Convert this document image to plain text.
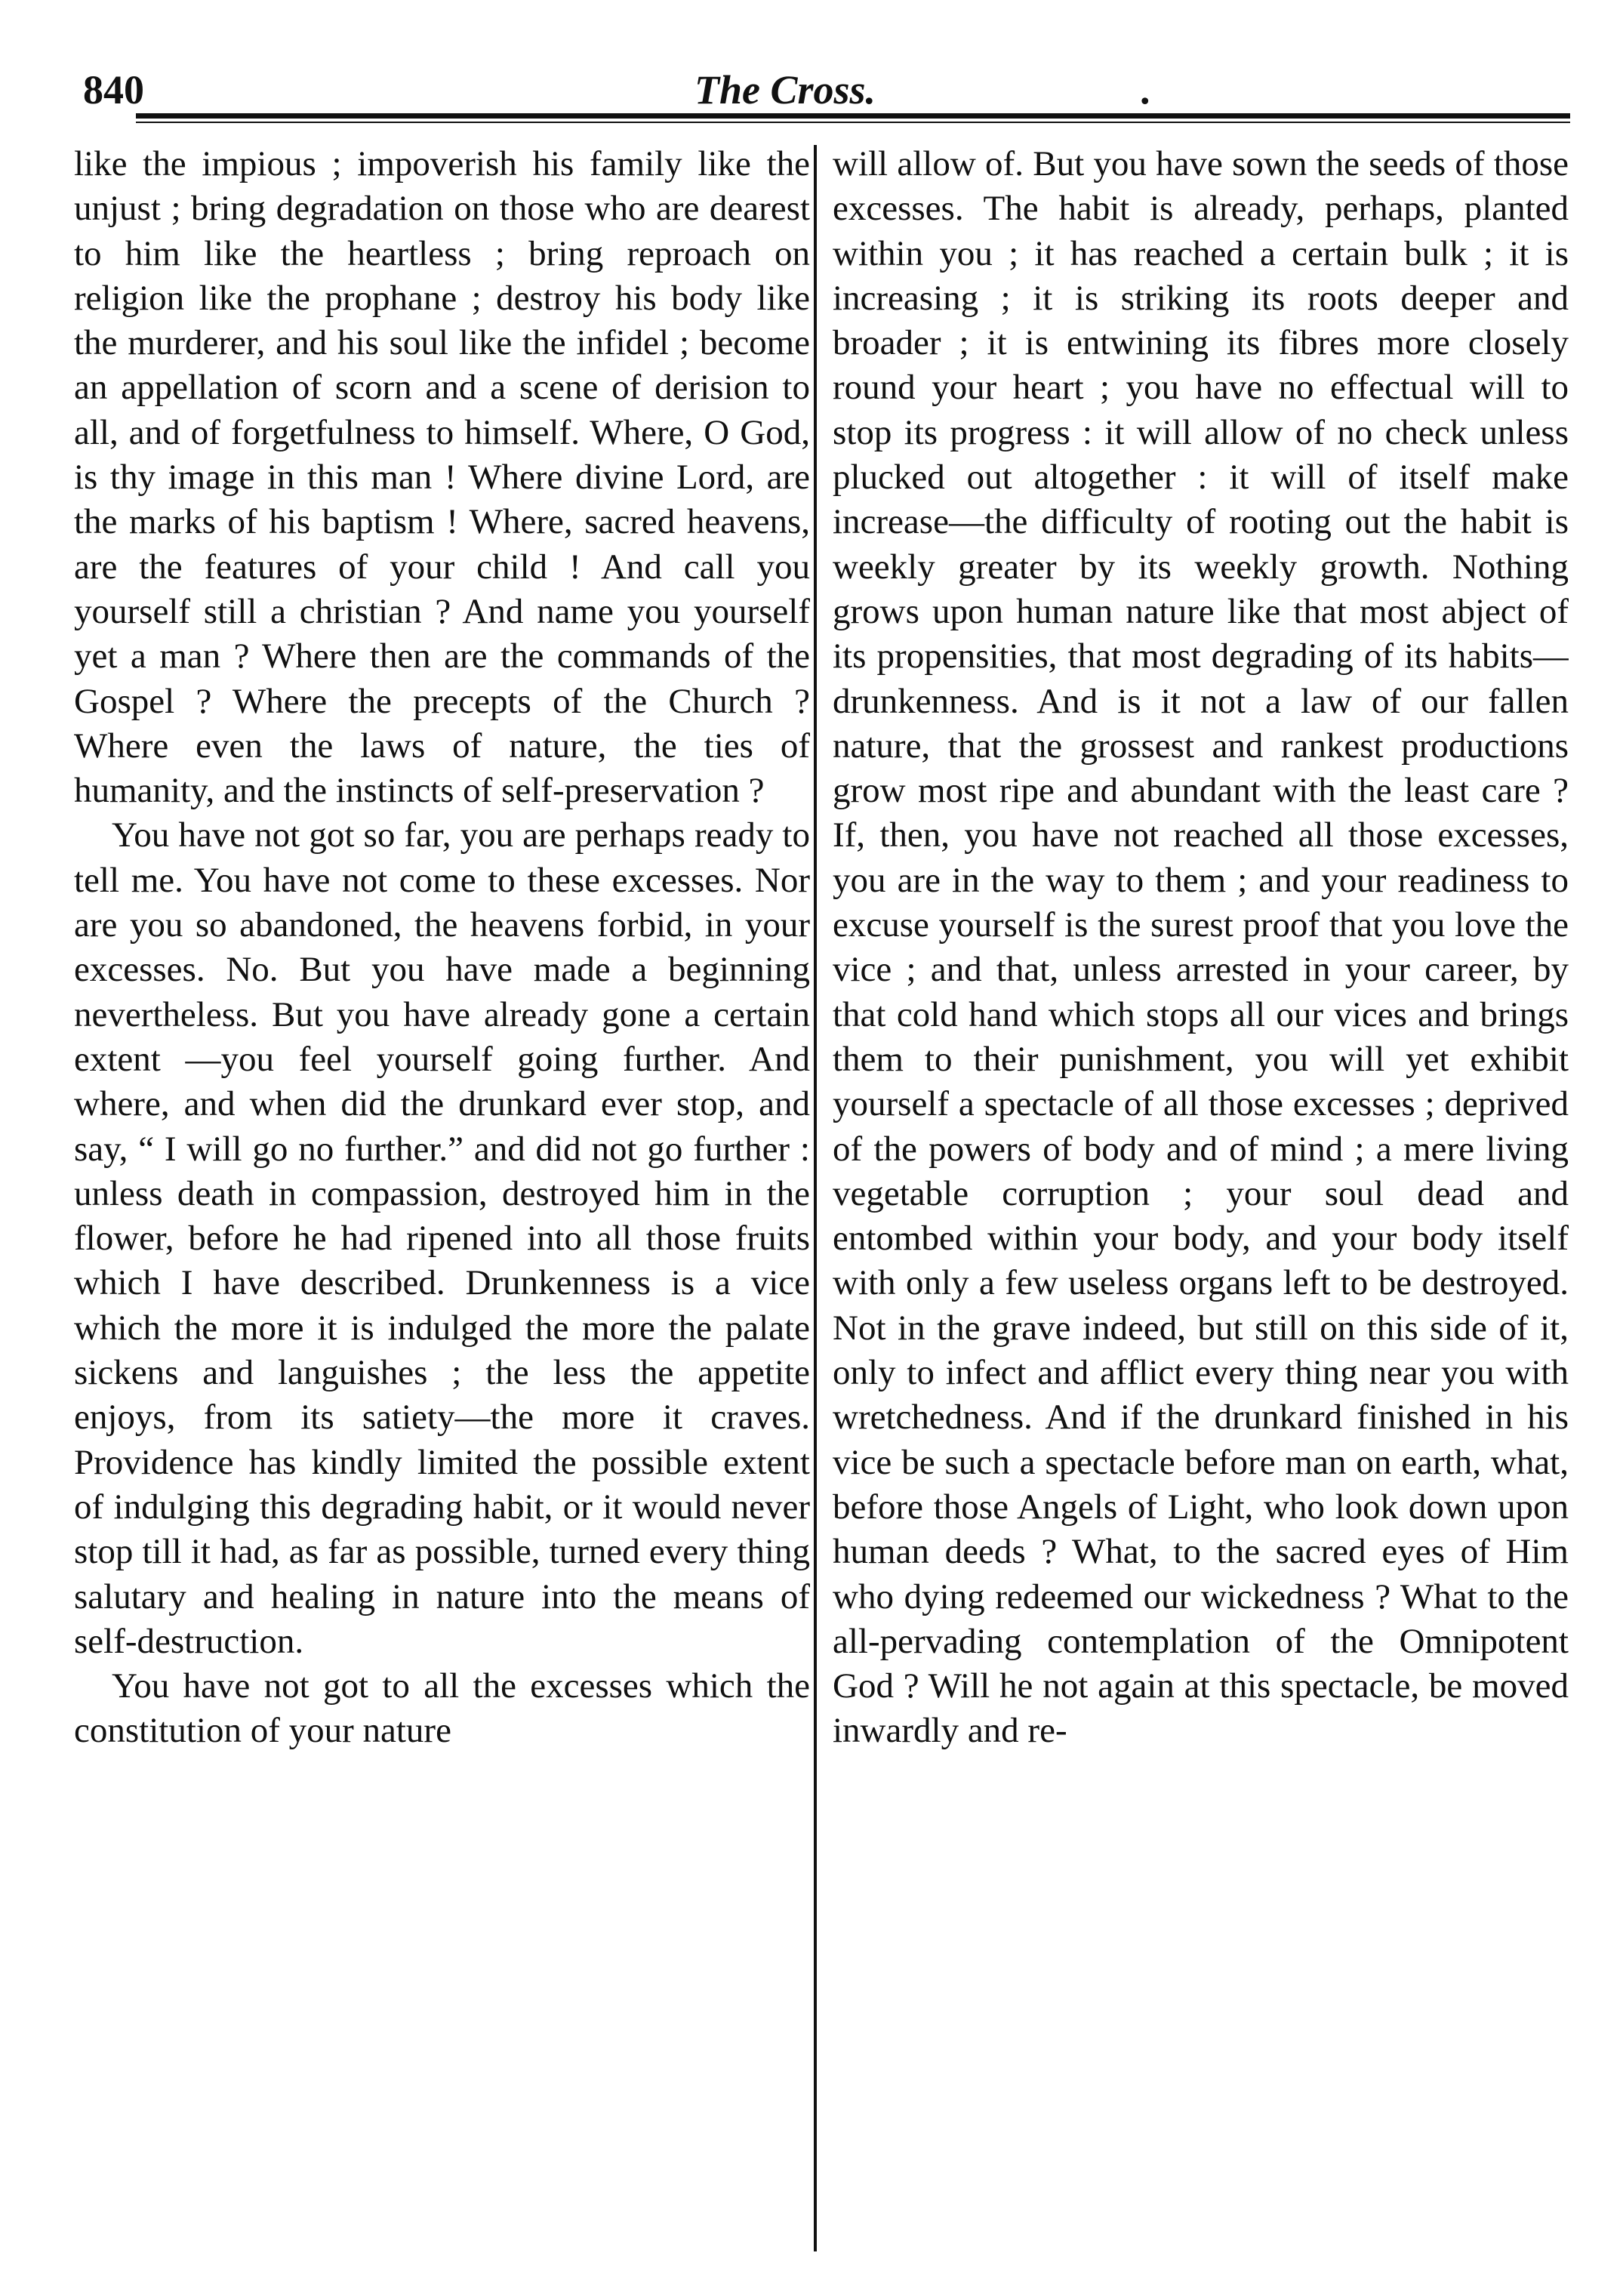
840	The Cross.	.

like the impious ; impoverish his family like the unjust ; bring degradation on those who are dearest to him like the heartless ; bring reproach on religion like the prophane ; destroy his body like the murderer, and his soul like the infidel ; become an appellation of scorn and a scene of derision to all, and of forgetfulness to himself. Where, O God, is thy image in this man ! Where divine Lord, are the marks of his baptism ! Where, sacred heavens, are the features of your child ! And call you yourself still a christian ? And name you yourself yet a man ? Where then are the commands of the Gospel ? Where the precepts of the Church ? Where even the laws of nature, the ties of humanity, and the instincts of self-preservation ?

You have not got so far, you are perhaps ready to tell me. You have not come to these excesses. Nor are you so abandoned, the heavens forbid, in your excesses. No. But you have made a beginning nevertheless. But you have already gone a certain extent —you feel yourself going further. And where, and when did the drunkard ever stop, and say, “ I will go no further.” and did not go further : unless death in compassion, destroyed him in the flower, before he had ripened into all those fruits which I have described. Drunkenness is a vice which the more it is indulged the more the palate sickens and languishes ; the less the appetite enjoys, from its satiety—the more it craves. Providence has kindly limited the possible extent of indulging this degrading habit, or it would never stop till it had, as far as possible, turned every thing salutary and healing in nature into the means of self-destruction.

You have not got to all the excesses which the constitution of your nature

will allow of. But you have sown the seeds of those excesses. The habit is already, perhaps, planted within you ; it has reached a certain bulk ; it is increasing ; it is striking its roots deeper and broader ; it is entwining its fibres more closely round your heart ; you have no effectual will to stop its progress : it will allow of no check unless plucked out altogether : it will of itself make increase—the difficulty of rooting out the habit is weekly greater by its weekly growth. Nothing grows upon human nature like that most abject of its propensities, that most degrading of its habits—drunkenness. And is it not a law of our fallen nature, that the grossest and rankest productions grow most ripe and abundant with the least care ? If, then, you have not reached all those excesses, you are in the way to them ; and your readiness to excuse yourself is the surest proof that you love the vice ; and that, unless arrested in your career, by that cold hand which stops all our vices and brings them to their punishment, you will yet exhibit yourself a spectacle of all those excesses ; deprived of the powers of body and of mind ; a mere living vegetable corruption ; your soul dead and entombed within your body, and your body itself with only a few useless organs left to be destroyed. Not in the grave indeed, but still on this side of it, only to infect and afflict every thing near you with wretchedness. And if the drunkard finished in his vice be such a spectacle before man on earth, what, before those Angels of Light, who look down upon human deeds ? What, to the sacred eyes of Him who dying redeemed our wickedness ? What to the all-pervading contemplation of the Omnipotent God ? Will he not again at this spectacle, be moved inwardly and re-
